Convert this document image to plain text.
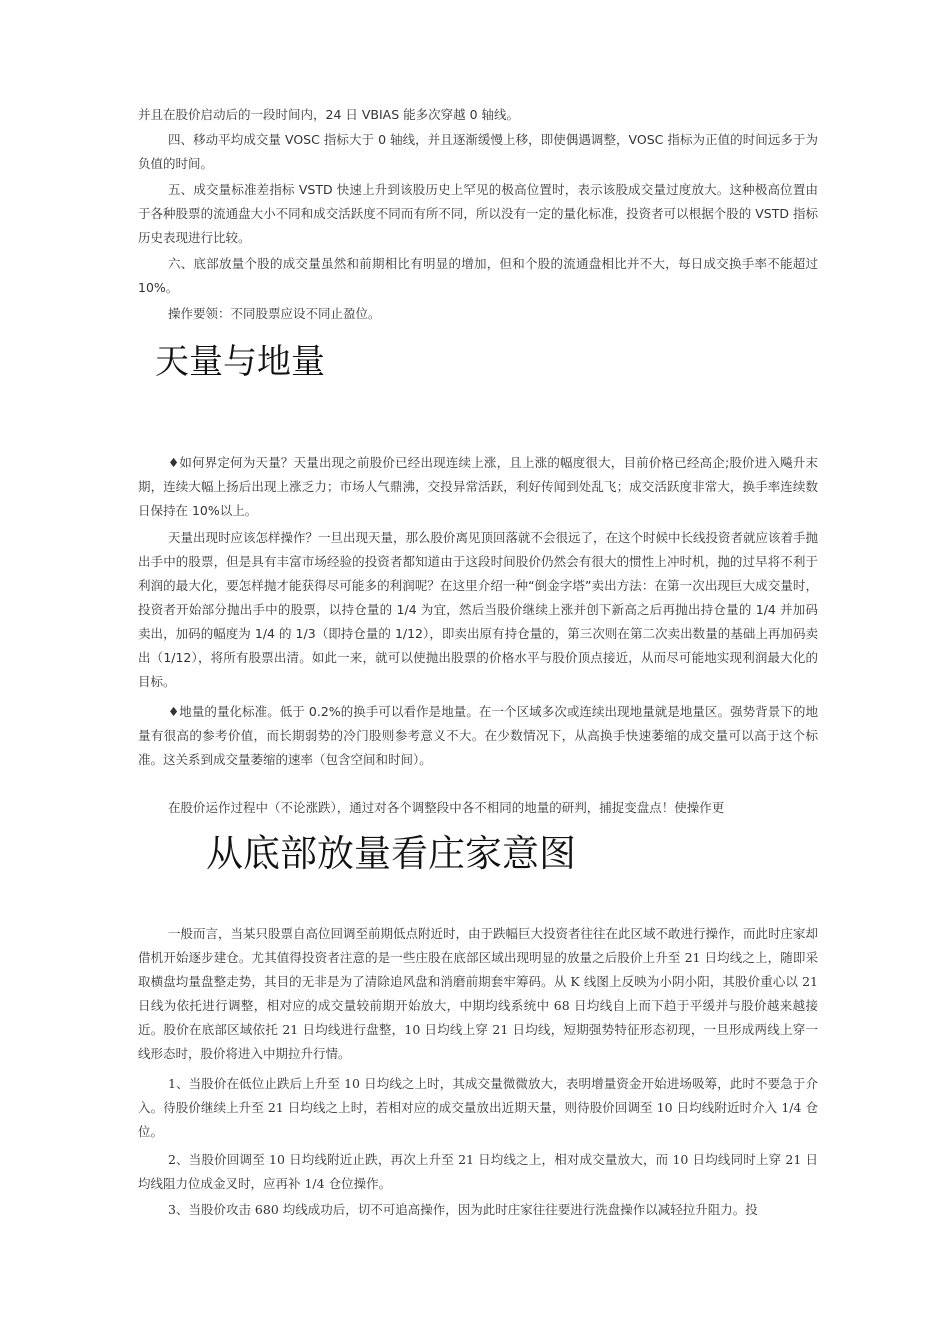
并且在股价启动后的一段时间内，24 日 VBIAS 能多次穿越 0 轴线。

四、移动平均成交量 VOSC 指标大于 0 轴线，并且逐渐缓慢上移，即使偶遇调整，VOSC 指标为正值的时间远多于为负值的时间。

五、成交量标准差指标 VSTD 快速上升到该股历史上罕见的极高位置时，表示该股成交量过度放大。这种极高位置由于各种股票的流通盘大小不同和成交活跃度不同而有所不同，所以没有一定的量化标准，投资者可以根据个股的 VSTD 指标历史表现进行比较。

六、底部放量个股的成交量虽然和前期相比有明显的增加，但和个股的流通盘相比并不大，每日成交换手率不能超过 10%。

操作要领：不同股票应设不同止盈位。

天量与地量

♦如何界定何为天量？天量出现之前股价已经出现连续上涨，且上涨的幅度很大，目前价格已经高企;股价进入飚升末期，连续大幅上扬后出现上涨乏力；市场人气鼎沸，交投异常活跃，利好传闻到处乱飞；成交活跃度非常大，换手率连续数日保持在 10%以上。

天量出现时应该怎样操作？一旦出现天量，那么股价离见顶回落就不会很远了，在这个时候中长线投资者就应该着手抛出手中的股票，但是具有丰富市场经验的投资者都知道由于这段时间股价仍然会有很大的惯性上冲时机，抛的过早将不利于利润的最大化，要怎样抛才能获得尽可能多的利润呢？在这里介绍一种“倒金字塔”卖出方法：在第一次出现巨大成交量时，投资者开始部分抛出手中的股票，以持仓量的 1/4 为宜，然后当股价继续上涨并创下新高之后再抛出持仓量的 1/4 并加码卖出，加码的幅度为 1/4 的 1/3（即持仓量的 1/12），即卖出原有持仓量的，第三次则在第二次卖出数量的基础上再加码卖出（1/12），将所有股票出清。如此一来，就可以使抛出股票的价格水平与股价顶点接近，从而尽可能地实现利润最大化的目标。

♦地量的量化标准。低于 0.2%的换手可以看作是地量。在一个区域多次或连续出现地量就是地量区。强势背景下的地量有很高的参考价值，而长期弱势的冷门股则参考意义不大。在少数情况下，从高换手快速萎缩的成交量可以高于这个标准。这关系到成交量萎缩的速率（包含空间和时间）。

在股价运作过程中（不论涨跌），通过对各个调整段中各不相同的地量的研判，捕捉变盘点！使操作更

从底部放量看庄家意图

一般而言，当某只股票自高位回调至前期低点附近时，由于跌幅巨大投资者往往在此区域不敢进行操作，而此时庄家却借机开始逐步建仓。尤其值得投资者注意的是一些庄股在底部区域出现明显的放量之后股价上升至 21 日均线之上，随即采取横盘均量盘整走势，其目的无非是为了清除追风盘和消磨前期套牢筹码。从 K 线图上反映为小阴小阳，其股价重心以 21 日线为依托进行调整，相对应的成交量较前期开始放大，中期均线系统中 68 日均线自上而下趋于平缓并与股价越来越接近。股价在底部区域依托 21 日均线进行盘整，10 日均线上穿 21 日均线，短期强势特征形态初现，一旦形成两线上穿一线形态时，股价将进入中期拉升行情。

1、当股价在低位止跌后上升至 10 日均线之上时，其成交量微微放大，表明增量资金开始进场吸筹，此时不要急于介入。待股价继续上升至 21 日均线之上时，若相对应的成交量放出近期天量，则待股价回调至 10 日均线附近时介入 1/4 仓位。

2、当股价回调至 10 日均线附近止跌，再次上升至 21 日均线之上，相对成交量放大，而 10 日均线同时上穿 21 日均线阻力位成金叉时，应再补 1/4 仓位操作。

3、当股价攻击 680 均线成功后，切不可追高操作，因为此时庄家往往要进行洗盘操作以减轻拉升阻力。投
